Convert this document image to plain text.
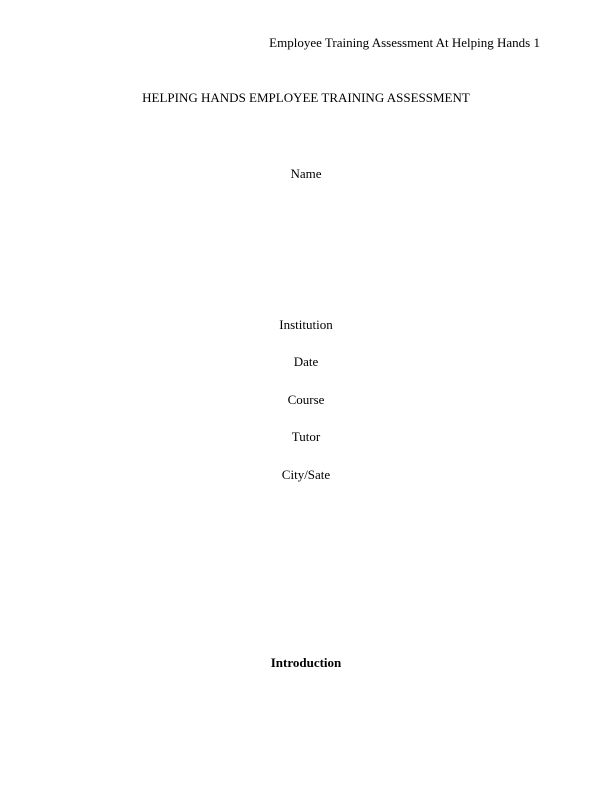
Employee Training Assessment At Helping Hands 1
HELPING HANDS EMPLOYEE TRAINING ASSESSMENT
Name
Institution
Date
Course
Tutor
City/Sate
Introduction
